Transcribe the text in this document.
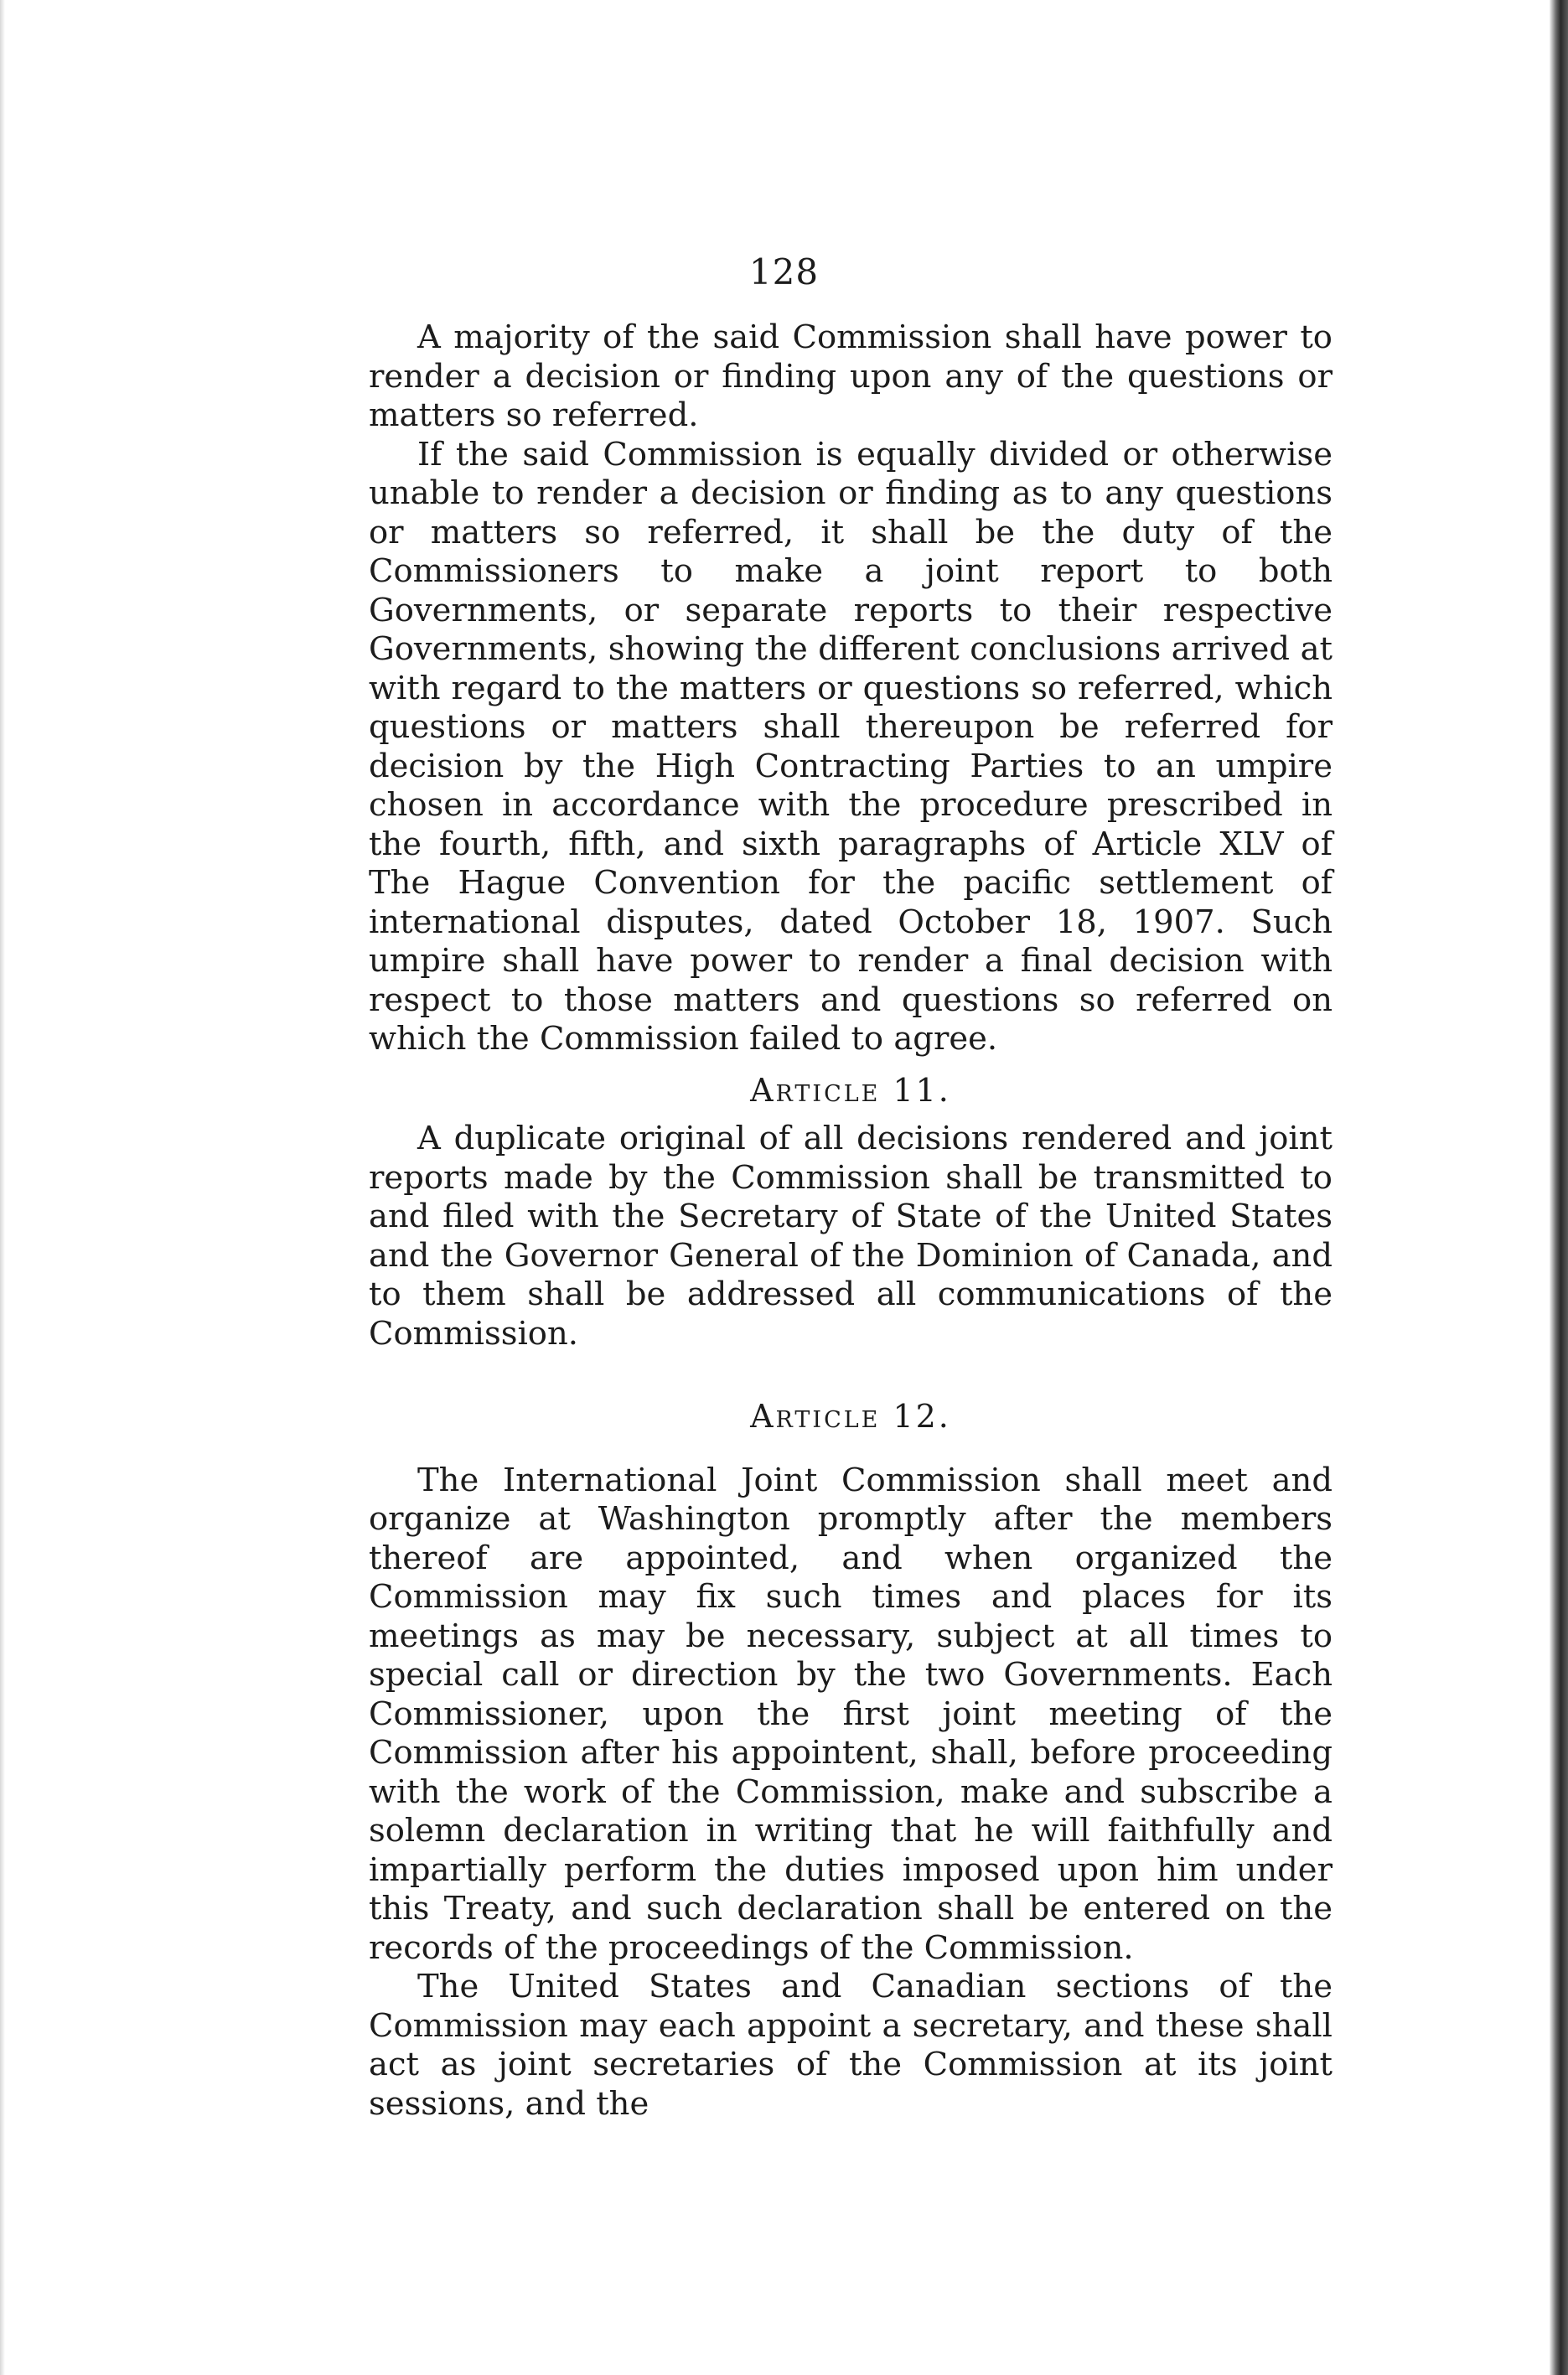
128

A majority of the said Commission shall have power to render a decision or finding upon any of the questions or matters so referred.

If the said Commission is equally divided or otherwise unable to render a decision or finding as to any questions or matters so referred, it shall be the duty of the Commissioners to make a joint report to both Governments, or separate reports to their respective Governments, showing the different conclusions arrived at with regard to the matters or questions so referred, which questions or matters shall thereupon be referred for decision by the High Contracting Parties to an umpire chosen in accordance with the procedure prescribed in the fourth, fifth, and sixth paragraphs of Article XLV of The Hague Convention for the pacific settlement of international disputes, dated October 18, 1907. Such umpire shall have power to render a final decision with respect to those matters and questions so referred on which the Commission failed to agree.

Article 11.

A duplicate original of all decisions rendered and joint reports made by the Commission shall be transmitted to and filed with the Secretary of State of the United States and the Governor General of the Dominion of Canada, and to them shall be addressed all communications of the Commission.

Article 12.

The International Joint Commission shall meet and organize at Washington promptly after the members thereof are appointed, and when organized the Commission may fix such times and places for its meetings as may be necessary, subject at all times to special call or direction by the two Governments. Each Commissioner, upon the first joint meeting of the Commission after his appointent, shall, before proceeding with the work of the Commission, make and subscribe a solemn declaration in writing that he will faithfully and impartially perform the duties imposed upon him under this Treaty, and such declaration shall be entered on the records of the proceedings of the Commission.

The United States and Canadian sections of the Commission may each appoint a secretary, and these shall act as joint secretaries of the Commission at its joint sessions, and the
